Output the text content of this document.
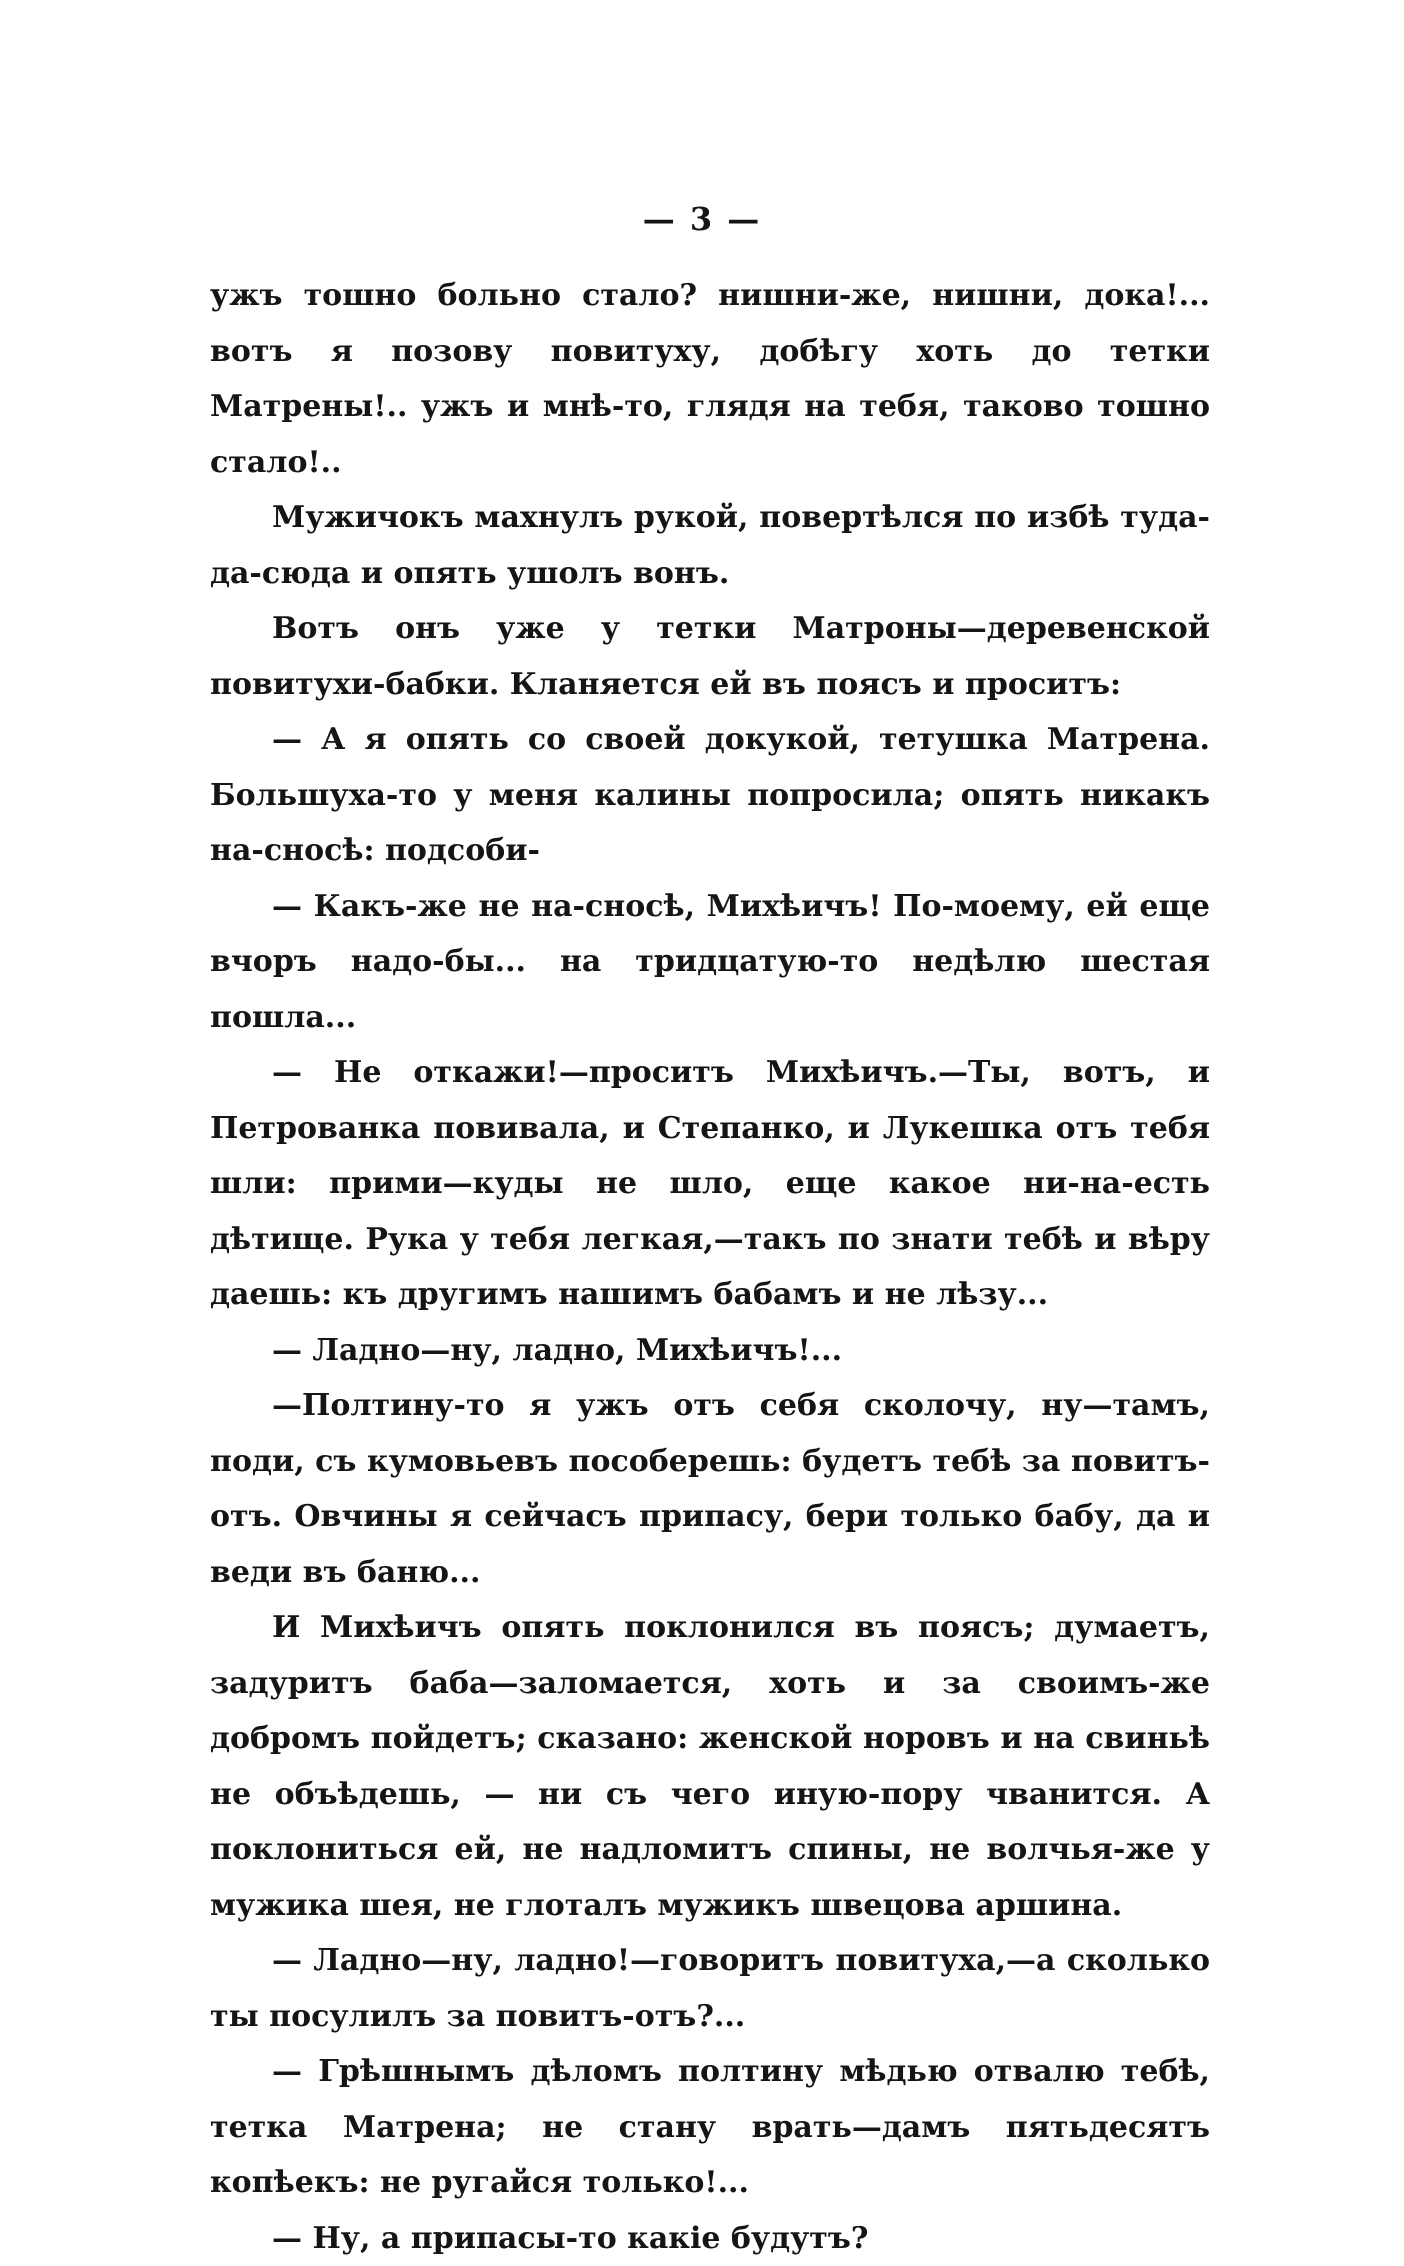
— 3 —

ужъ тошно больно стало? нишни-же, нишни, дока!... вотъ я позову повитуху, добѣгу хоть до тетки Матрены!.. ужъ и мнѣ-то, глядя на тебя, таково тошно стало!..

Мужичокъ махнулъ рукой, повертѣлся по избѣ туда-да-сюда и опять ушолъ вонъ.

Вотъ онъ уже у тетки Матроны—деревенской повитухи-бабки. Кланяется ей въ поясъ и проситъ:

— А я опять со своей докукой, тетушка Матрена. Большуха-то у меня калины попросила; опять никакъ на-сносѣ: подсоби-

— Какъ-же не на-сносѣ, Михѣичъ! По-моему, ей еще вчоръ надо-бы... на тридцатую-то недѣлю шестая пошла...

— Не откажи!—проситъ Михѣичъ.—Ты, вотъ, и Петрованка повивала, и Степанко, и Лукешка отъ тебя шли: прими—куды не шло, еще какое ни-на-есть дѣтище. Рука у тебя легкая,—такъ по знати тебѣ и вѣру даешь: къ другимъ нашимъ бабамъ и не лѣзу...

— Ладно—ну, ладно, Михѣичъ!...

—Полтину-то я ужъ отъ себя сколочу, ну—тамъ, поди, съ кумовьевъ пособерешь: будетъ тебѣ за повитъ-отъ. Овчины я сейчасъ припасу, бери только бабу, да и веди въ баню...

И Михѣичъ опять поклонился въ поясъ; думаетъ, задуритъ баба—заломается, хоть и за своимъ-же добромъ пойдетъ; сказано: женской норовъ и на свиньѣ не объѣдешь, — ни съ чего иную-пору чванится. А поклониться ей, не надломитъ спины, не волчья-же у мужика шея, не глоталъ мужикъ швецова аршина.

— Ладно—ну, ладно!—говоритъ повитуха,—а сколько ты посулилъ за повитъ-отъ?...

— Грѣшнымъ дѣломъ полтину мѣдью отвалю тебѣ, тетка Матрена; не стану врать—дамъ пятьдесятъ копѣекъ: не ругайся только!...

— Ну, а припасы-то какіе будутъ?
